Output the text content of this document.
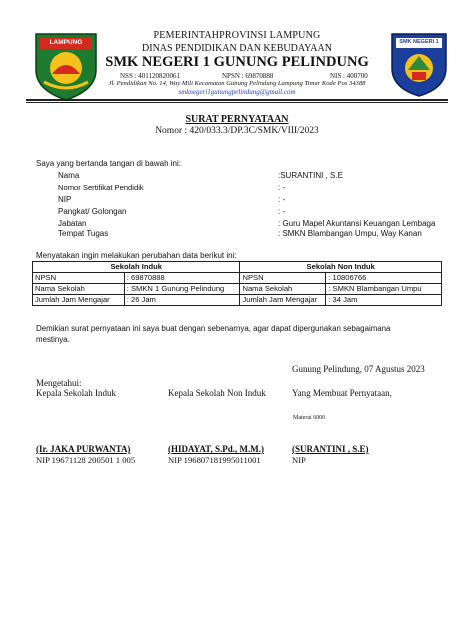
LAMPUNG	SMK NEGERI 1
PEMERINTAHPROVINSI LAMPUNG
DINAS PENDIDIKAN DAN KEBUDAYAAN
SMK NEGERI 1 GUNUNG PELINDUNG
NSS : 401120820061	NPSN : 69870888	NIS : 400700
Jl. Pendidikan No. 14, Way Mili Kecamatan Gunung Pelindung Lampung Timur Kode Pos 34388
smknegeri1gunungpelindung@gmail.com
SURAT PERNYATAAN
Nomor : 420/033.3/DP.3C/SMK/VIII/2023
Saya yang bertanda tangan di bawah ini:
Nama	:SURANTINI , S.E
Nomor Sertifikat Pendidik	: -
NIP	: -
Pangkat/ Golongan	: -
Jabatan	: Guru Mapel Akuntansi Keuangan Lembaga
Tempat Tugas	: SMKN Blambangan Umpu, Way Kanan
Menyatakan ingin melakukan perubahan data berikut ini:
Sekolah Induk		Sekolah Non Induk	
NPSN	: 69870888	NPSN	: 10806766
Nama Sekolah	: SMKN 1 Gunung Pelindung	Nama Sekolah	: SMKN Blambangan Umpu
Jumlah Jam Mengajar	: 26 Jam	Jumlah Jam Mengajar	: 34 Jam
Demikian surat pernyataan ini saya buat dengan sebenarnya, agar dapat dipergunakan sebagaimana
mestinya.
Gunung Pelindung, 07 Agustus 2023
Mengetahui:
Kepala Sekolah Induk	Kepala Sekolah Non Induk	Yang Membuat Pernyataan,
Materai 6000
(Ir. JAKA PURWANTA)	(HIDAYAT, S.Pd., M.M.)	(SURANTINI , S.E)
NIP 19671128 200501 1 005	NIP 196807181995011001	NIP
